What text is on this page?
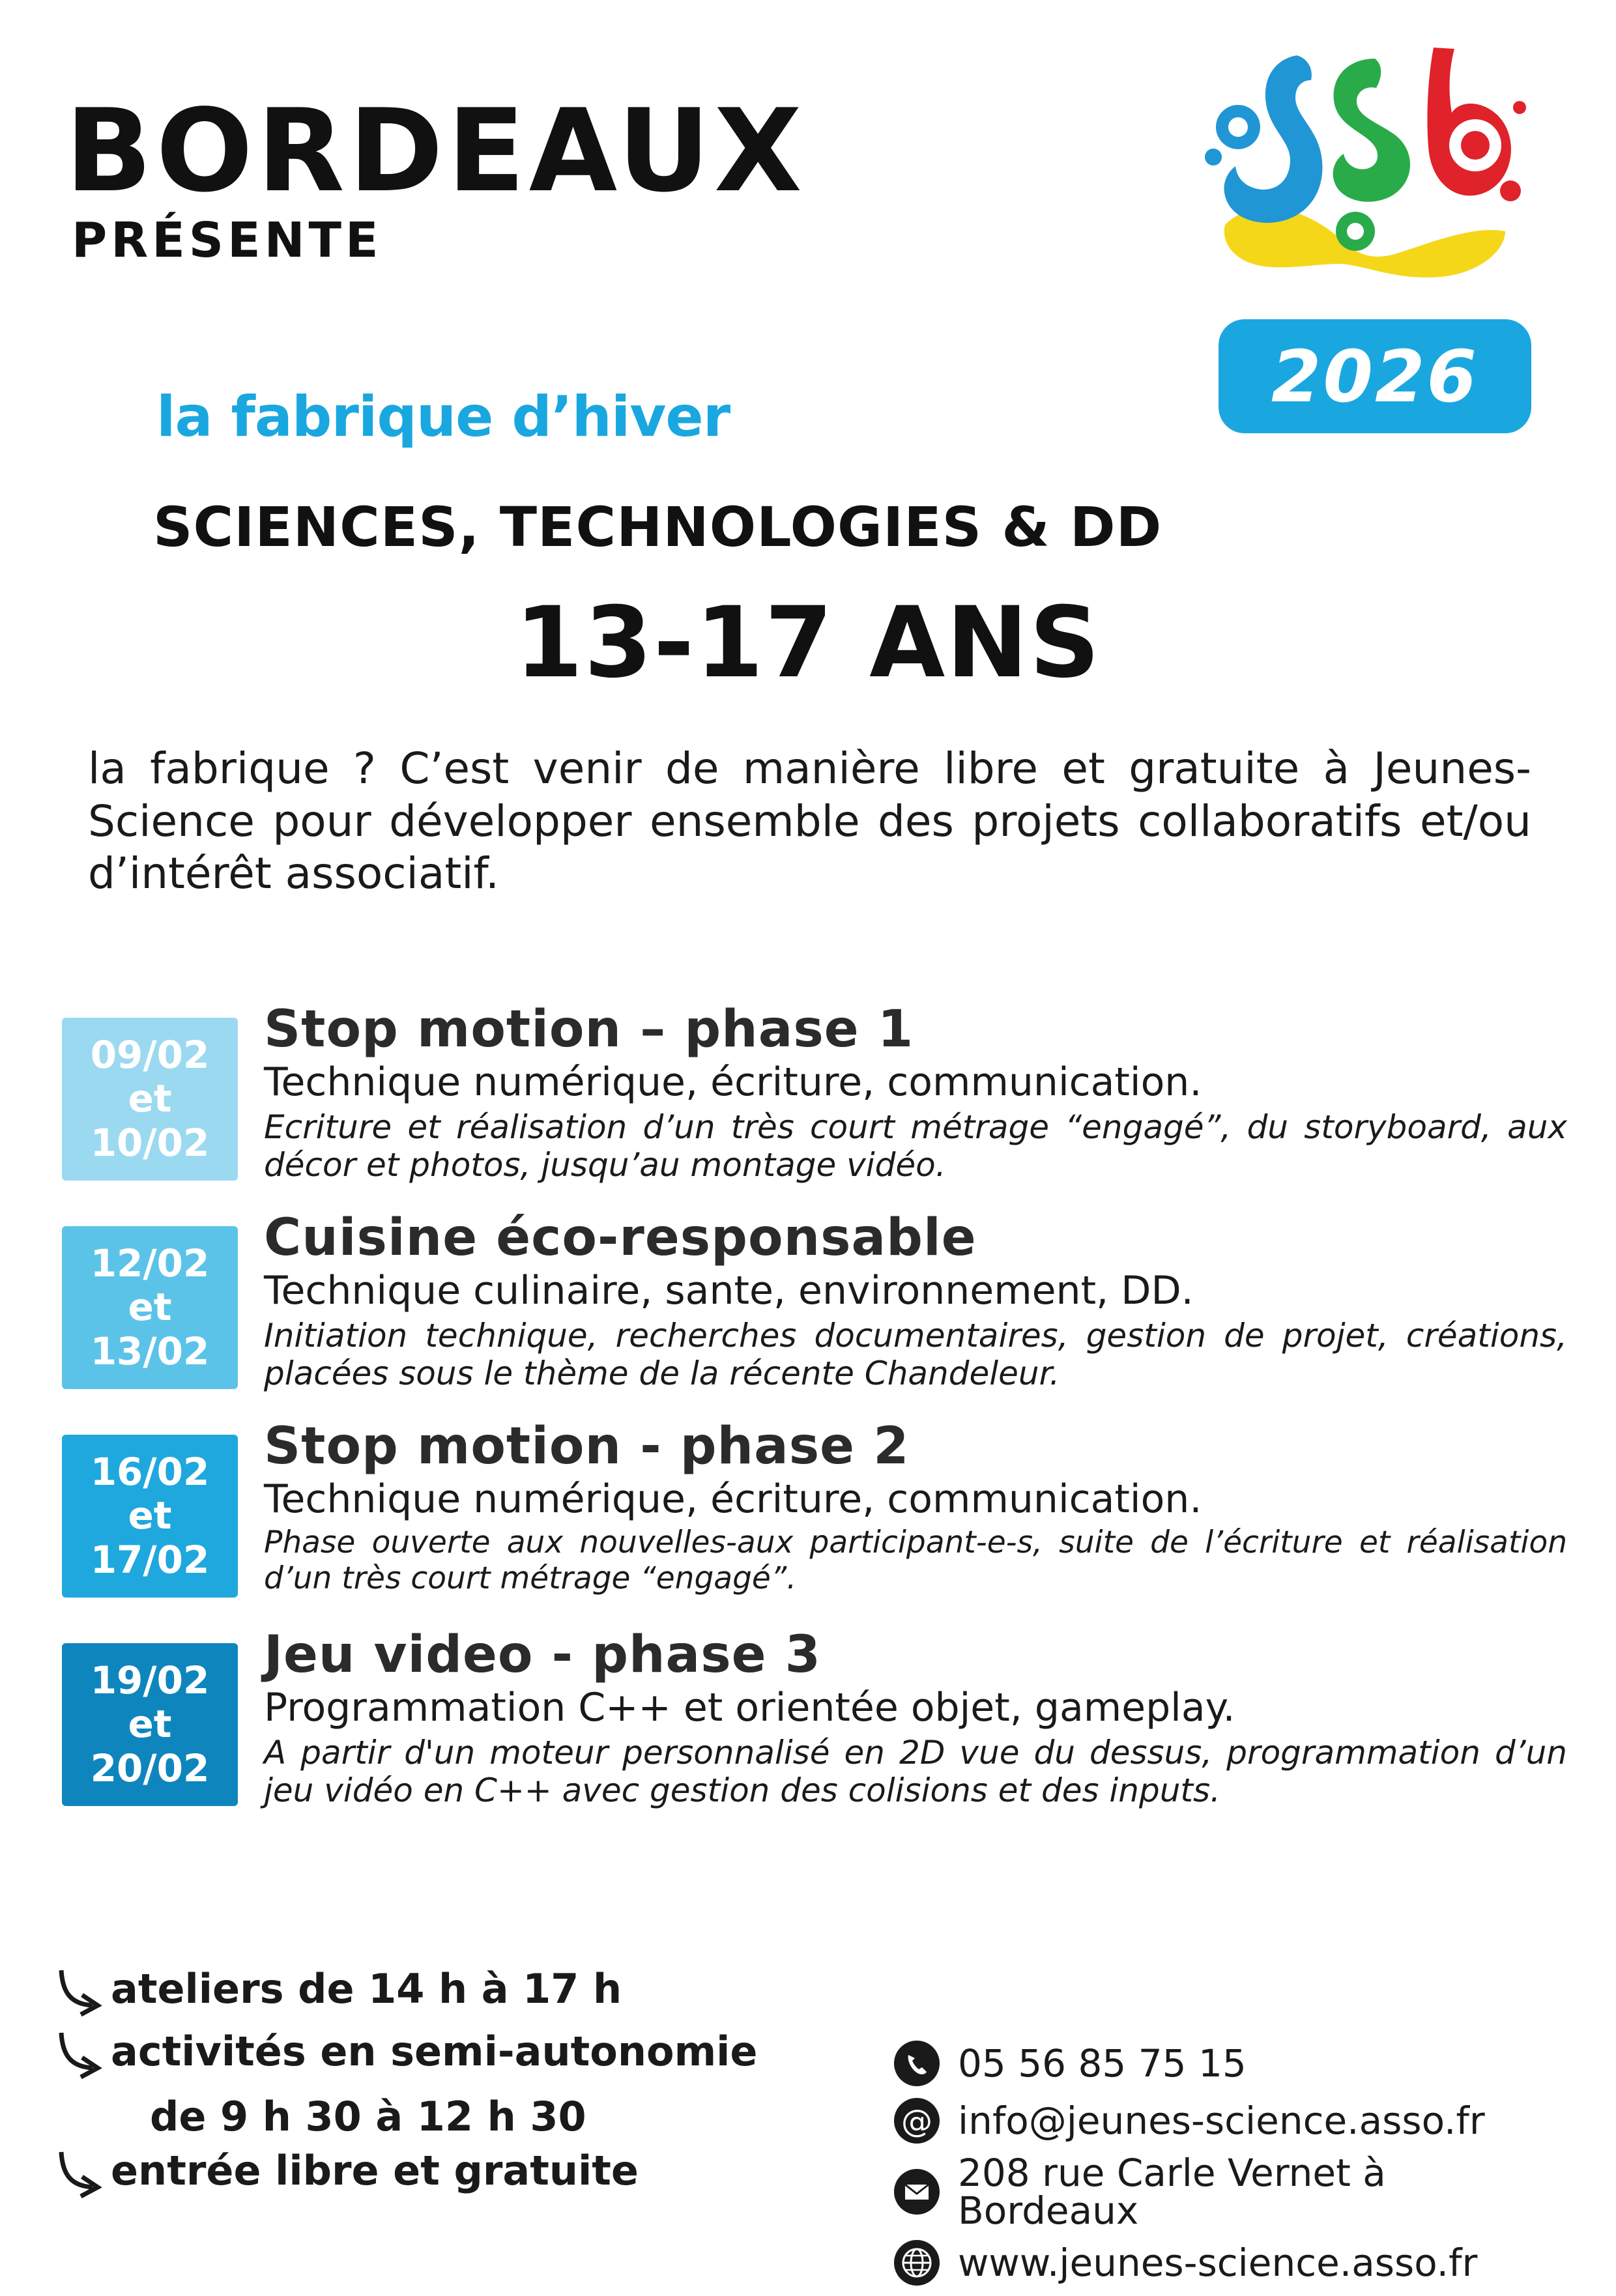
BORDEAUX
PRÉSENTE
2026
la fabrique d’hiver
SCIENCES, TECHNOLOGIES & DD
13-17 ANS
la fabrique ? C’est venir de manière libre et gratuite à Jeunes-Science pour développer ensemble des projets collaboratifs et/ou d’intérêt associatif.
09/02
et
10/02
Stop motion – phase 1
Technique numérique, écriture, communication.
Ecriture et réalisation d’un très court métrage “engagé”, du storyboard, aux décor et photos, jusqu’au montage vidéo.
12/02
et
13/02
Cuisine éco-responsable
Technique culinaire, sante, environnement, DD.
Initiation technique, recherches documentaires, gestion de projet, créations, placées sous le thème de la récente Chandeleur.
16/02
et
17/02
Stop motion - phase 2
Technique numérique, écriture, communication.
Phase ouverte aux nouvelles-aux participant-e-s, suite de l’écriture et réalisation d’un très court métrage “engagé”.
19/02
et
20/02
Jeu video - phase 3
Programmation C++ et orientée objet, gameplay.
A partir d'un moteur personnalisé en 2D vue du dessus, programmation d’un jeu vidéo en C++ avec gestion des colisions et des inputs.
ateliers de 14 h à 17 h
activités en semi-autonomie
de 9 h 30 à 12 h 30
entrée libre et gratuite
05 56 85 75 15
@ info@jeunes-science.asso.fr
208 rue Carle Vernet à Bordeaux
www.jeunes-science.asso.fr
